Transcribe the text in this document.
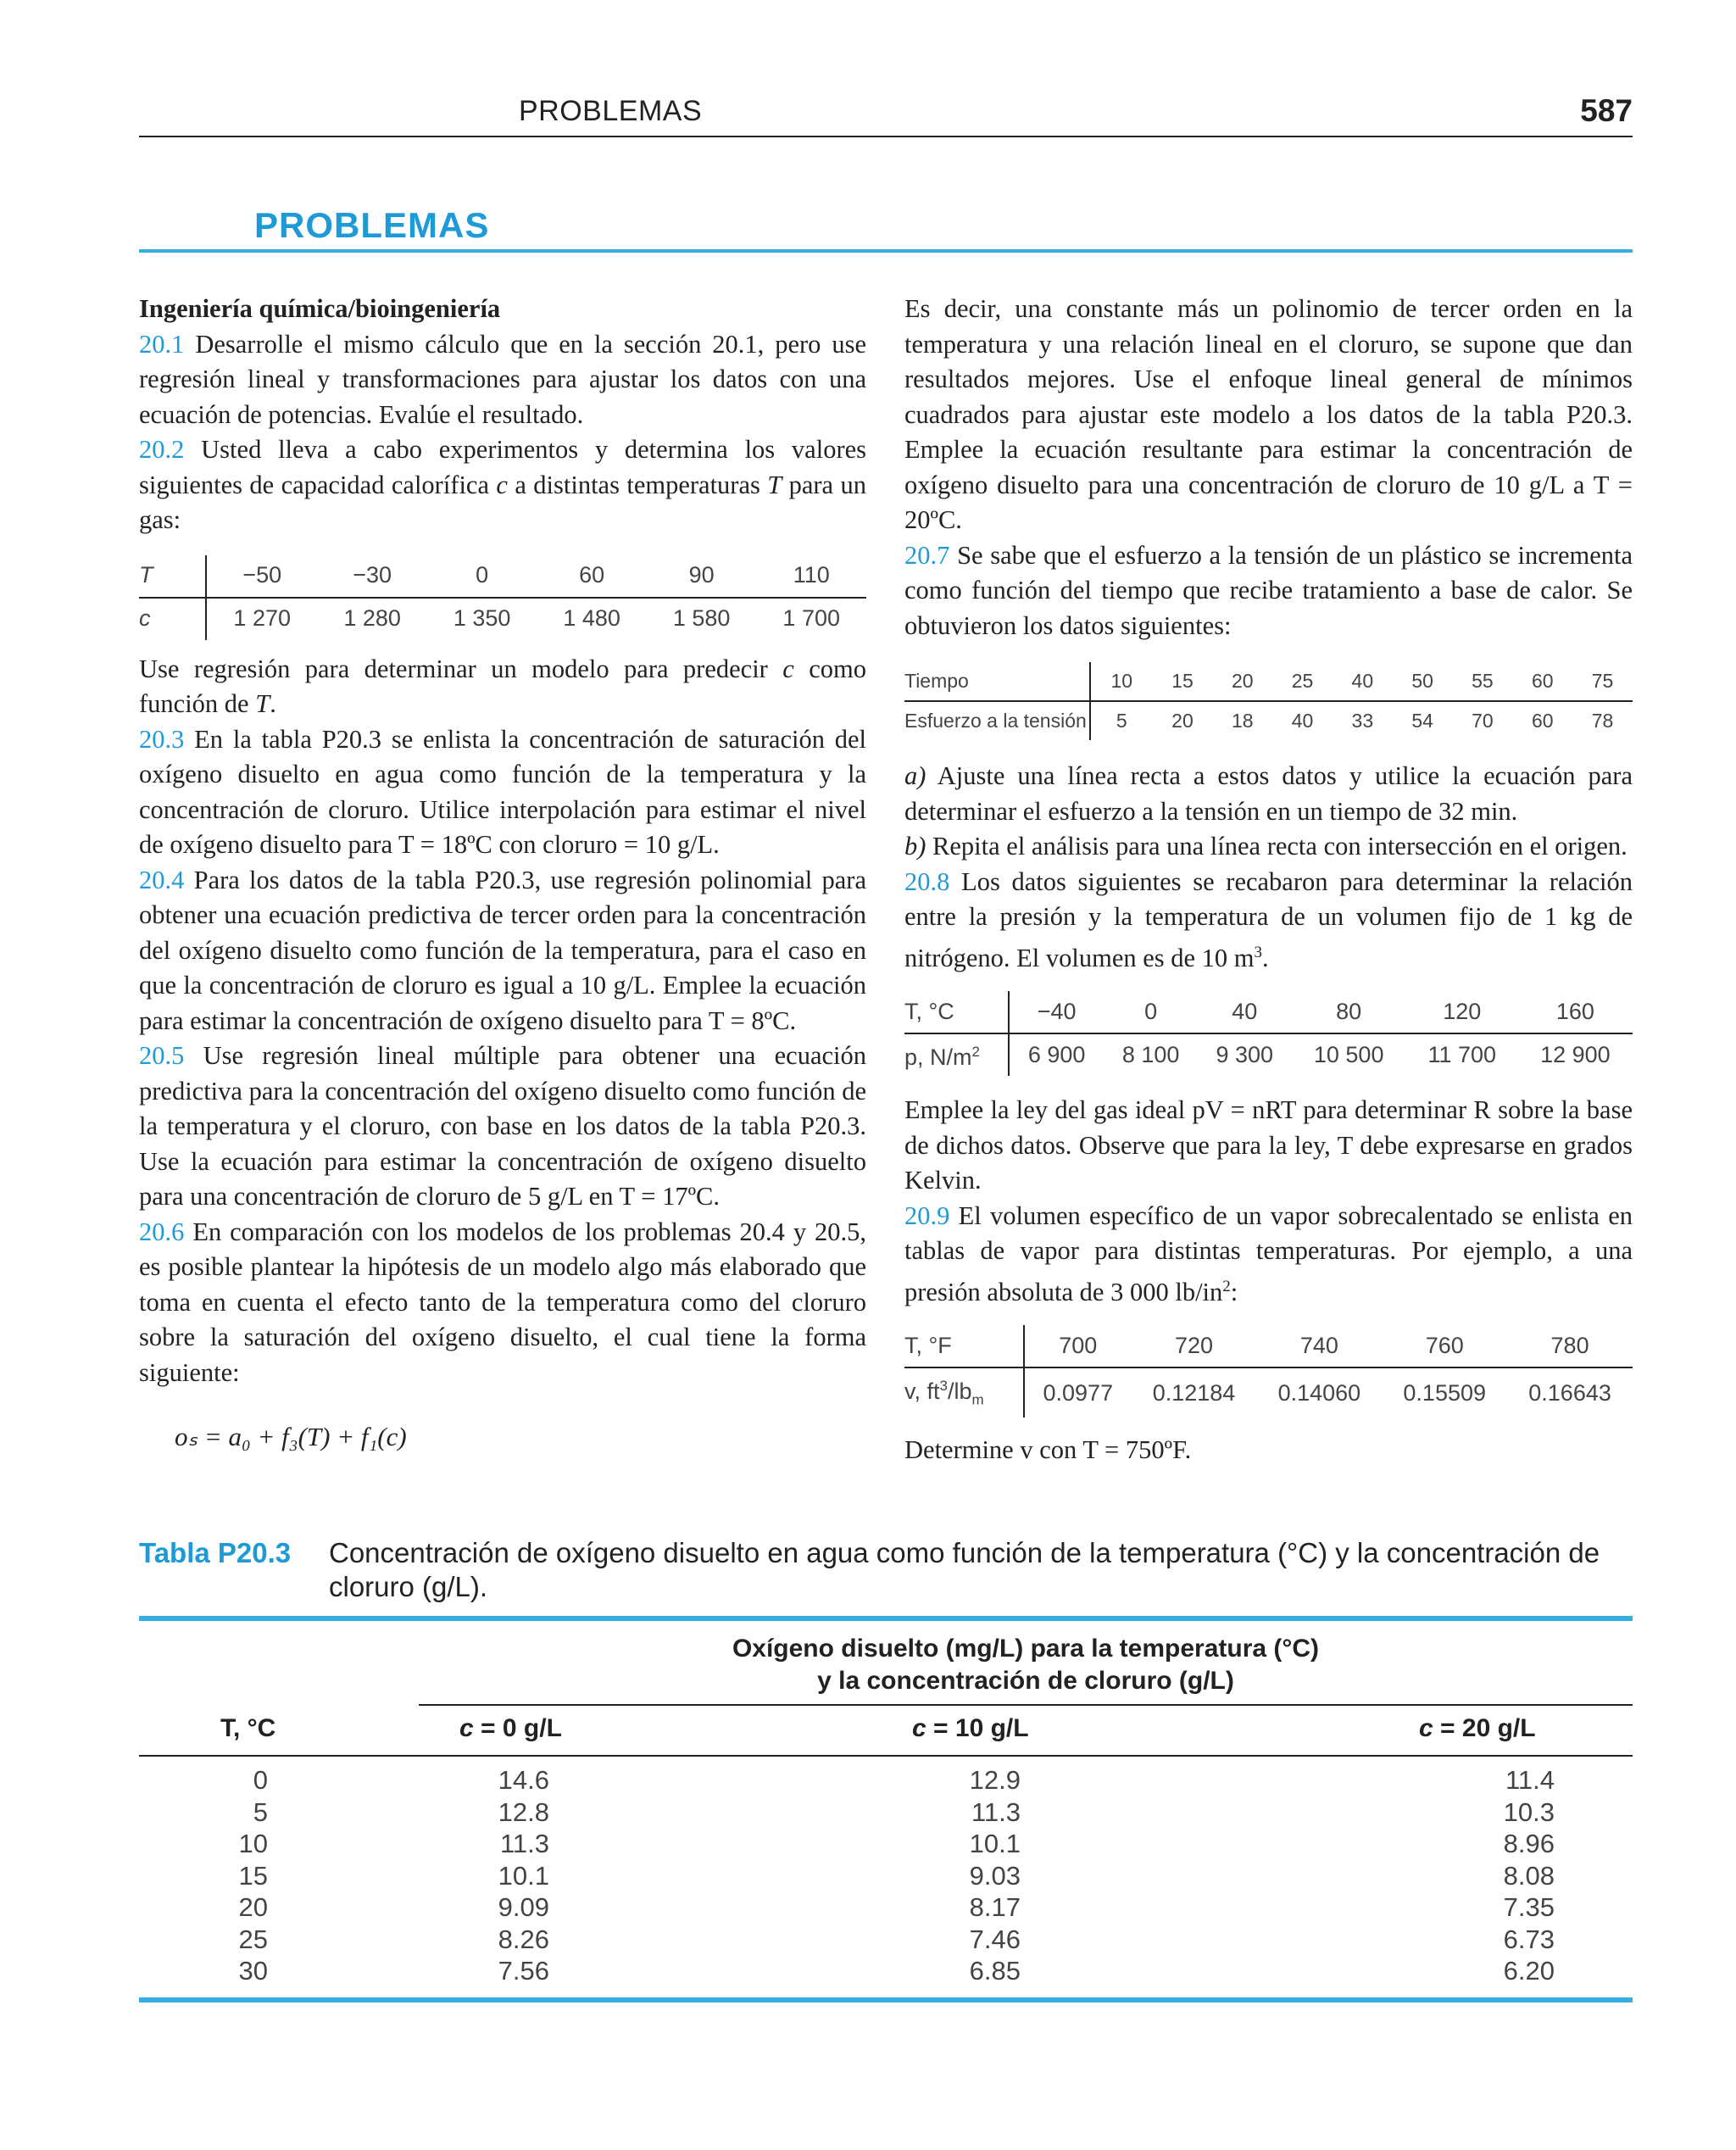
PROBLEMAS	587
PROBLEMAS

Ingeniería química/bioingeniería

20.1 Desarrolle el mismo cálculo que en la sección 20.1, pero use regresión lineal y transformaciones para ajustar los datos con una ecuación de potencias. Evalúe el resultado.

20.2 Usted lleva a cabo experimentos y determina los valores siguientes de capacidad calorífica c a distintas temperaturas T para un gas:

T	−50	−30	0	60	90	110
c	1 270	1 280	1 350	1 480	1 580	1 700

Use regresión para determinar un modelo para predecir c como función de T.

20.3 En la tabla P20.3 se enlista la concentración de saturación del oxígeno disuelto en agua como función de la temperatura y la concentración de cloruro. Utilice interpolación para estimar el nivel de oxígeno disuelto para T = 18ºC con cloruro = 10 g/L.

20.4 Para los datos de la tabla P20.3, use regresión polinomial para obtener una ecuación predictiva de tercer orden para la concentración del oxígeno disuelto como función de la temperatura, para el caso en que la concentración de cloruro es igual a 10 g/L. Emplee la ecuación para estimar la concentración de oxígeno disuelto para T = 8ºC.

20.5 Use regresión lineal múltiple para obtener una ecuación predictiva para la concentración del oxígeno disuelto como función de la temperatura y el cloruro, con base en los datos de la tabla P20.3. Use la ecuación para estimar la concentración de oxígeno disuelto para una concentración de cloruro de 5 g/L en T = 17ºC.

20.6 En comparación con los modelos de los problemas 20.4 y 20.5, es posible plantear la hipótesis de un modelo algo más elaborado que toma en cuenta el efecto tanto de la temperatura como del cloruro sobre la saturación del oxígeno disuelto, el cual tiene la forma siguiente:

oₛ = a₀ + f₃(T) + f₁(c)

Es decir, una constante más un polinomio de tercer orden en la temperatura y una relación lineal en el cloruro, se supone que dan resultados mejores. Use el enfoque lineal general de mínimos cuadrados para ajustar este modelo a los datos de la tabla P20.3. Emplee la ecuación resultante para estimar la concentración de oxígeno disuelto para una concentración de cloruro de 10 g/L a T = 20ºC.

20.7 Se sabe que el esfuerzo a la tensión de un plástico se incrementa como función del tiempo que recibe tratamiento a base de calor. Se obtuvieron los datos siguientes:

Tiempo	10	15	20	25	40	50	55	60	75
Esfuerzo a la tensión	5	20	18	40	33	54	70	60	78

a) Ajuste una línea recta a estos datos y utilice la ecuación para determinar el esfuerzo a la tensión en un tiempo de 32 min.

b) Repita el análisis para una línea recta con intersección en el origen.

20.8 Los datos siguientes se recabaron para determinar la relación entre la presión y la temperatura de un volumen fijo de 1 kg de nitrógeno. El volumen es de 10 $m^3$.

T, °C	−40	0	40	80	120	160
p, $N/m^2$	6 900	8 100	9 300	10 500	11 700	12 900

Emplee la ley del gas ideal pV = nRT para determinar R sobre la base de dichos datos. Observe que para la ley, T debe expresarse en grados Kelvin.

20.9 El volumen específico de un vapor sobrecalentado se enlista en tablas de vapor para distintas temperaturas. Por ejemplo, a una presión absoluta de 3 000 $lb/in^2$:

T, °F	700	720	740	760	780
v, $ft^3/lb_m$	0.0977	0.12184	0.14060	0.15509	0.16643

Determine v con T = 750ºF.

Tabla P20.3 Concentración de oxígeno disuelto en agua como función de la temperatura (°C) y la concentración de cloruro (g/L).
Oxígeno disuelto (mg/L) para la temperatura (°C)
y la concentración de cloruro (g/L)
T, °C	c = 0 g/L	c = 10 g/L	c = 20 g/L
0	14.6	12.9	11.4
5	12.8	11.3	10.3
10	11.3	10.1	8.96
15	10.1	9.03	8.08
20	9.09	8.17	7.35
25	8.26	7.46	6.73
30	7.56	6.85	6.20
